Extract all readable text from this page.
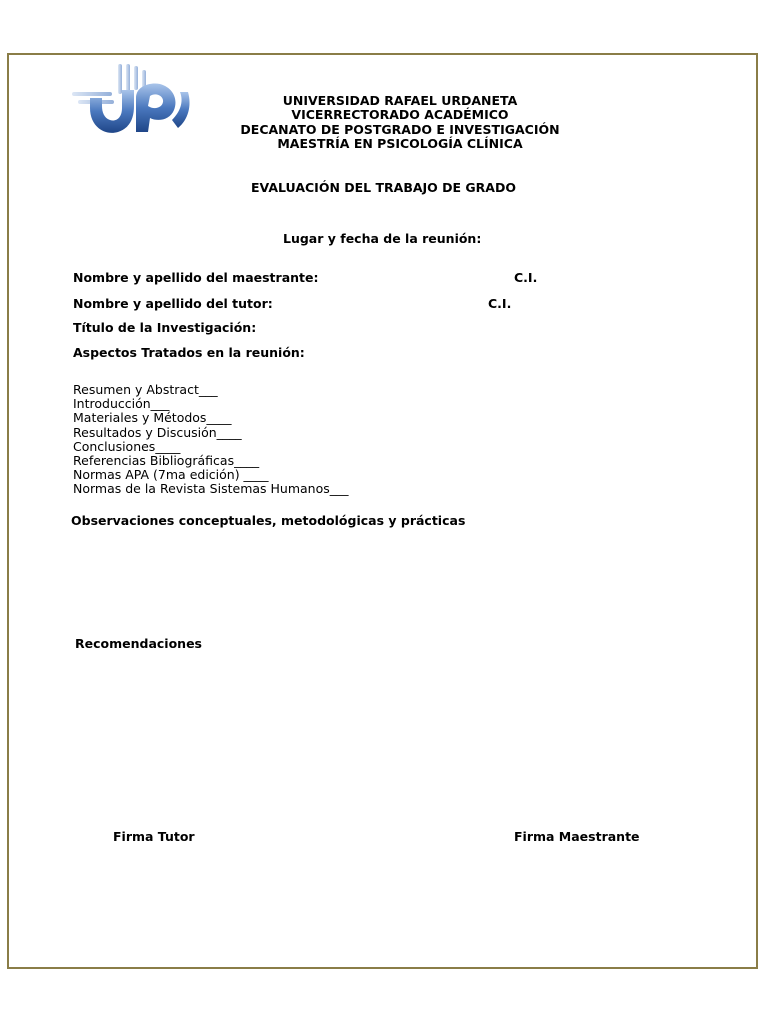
UNIVERSIDAD RAFAEL URDANETA
VICERRECTORADO ACADÉMICO
DECANATO DE POSTGRADO E INVESTIGACIÓN
MAESTRÍA EN PSICOLOGÍA CLÍNICA
EVALUACIÓN DEL TRABAJO DE GRADO
Lugar y fecha de la reunión:
Nombre y apellido del maestrante:	C.I.
Nombre y apellido del tutor:	C.I.
Título de la Investigación:
Aspectos Tratados en la reunión:
Resumen y Abstract___
Introducción___
Materiales y Métodos____
Resultados y Discusión____
Conclusiones____
Referencias Bibliográficas____
Normas APA (7ma edición) ____
Normas de la Revista Sistemas Humanos___
Observaciones conceptuales, metodológicas y prácticas
Recomendaciones
Firma Tutor	Firma Maestrante
